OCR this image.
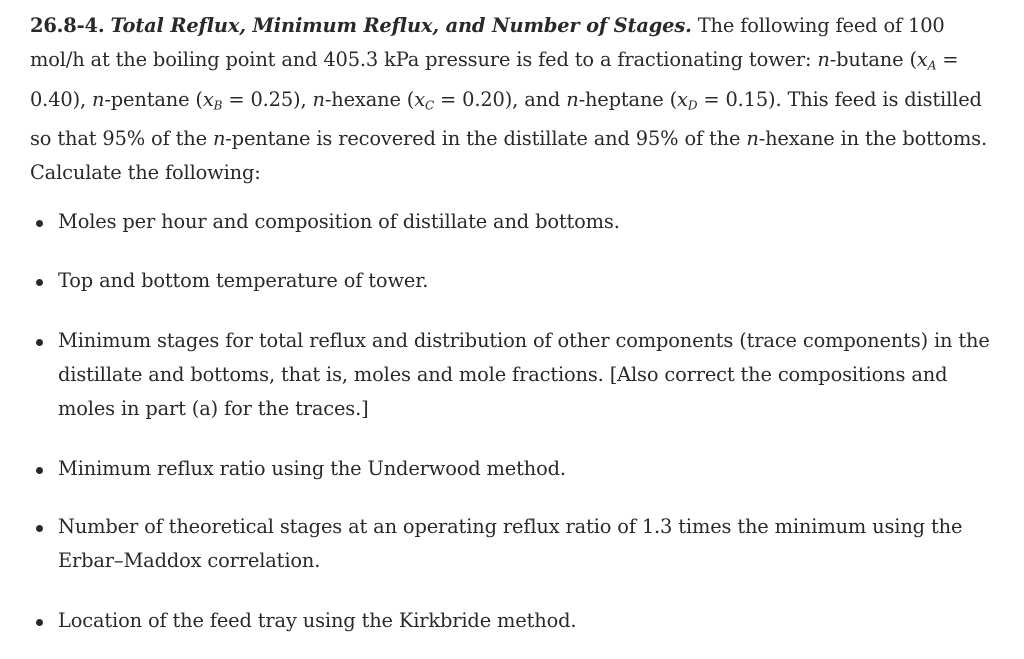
26.8-4. Total Reflux, Minimum Reflux, and Number of Stages. The following feed of 100 mol/h at the boiling point and 405.3 kPa pressure is fed to a fractionating tower: n-butane $(x_A = 0.40)$, n-pentane $(x_B = 0.25)$, n-hexane $(x_C = 0.20)$, and n-heptane $(x_D = 0.15)$. This feed is distilled so that 95% of the n-pentane is recovered in the distillate and 95% of the n-hexane in the bottoms. Calculate the following:

Moles per hour and composition of distillate and bottoms.
Top and bottom temperature of tower.
Minimum stages for total reflux and distribution of other components (trace components) in the distillate and bottoms, that is, moles and mole fractions. [Also correct the compositions and moles in part (a) for the traces.]
Minimum reflux ratio using the Underwood method.
Number of theoretical stages at an operating reflux ratio of 1.3 times the minimum using the Erbar–Maddox correlation.
Location of the feed tray using the Kirkbride method.
